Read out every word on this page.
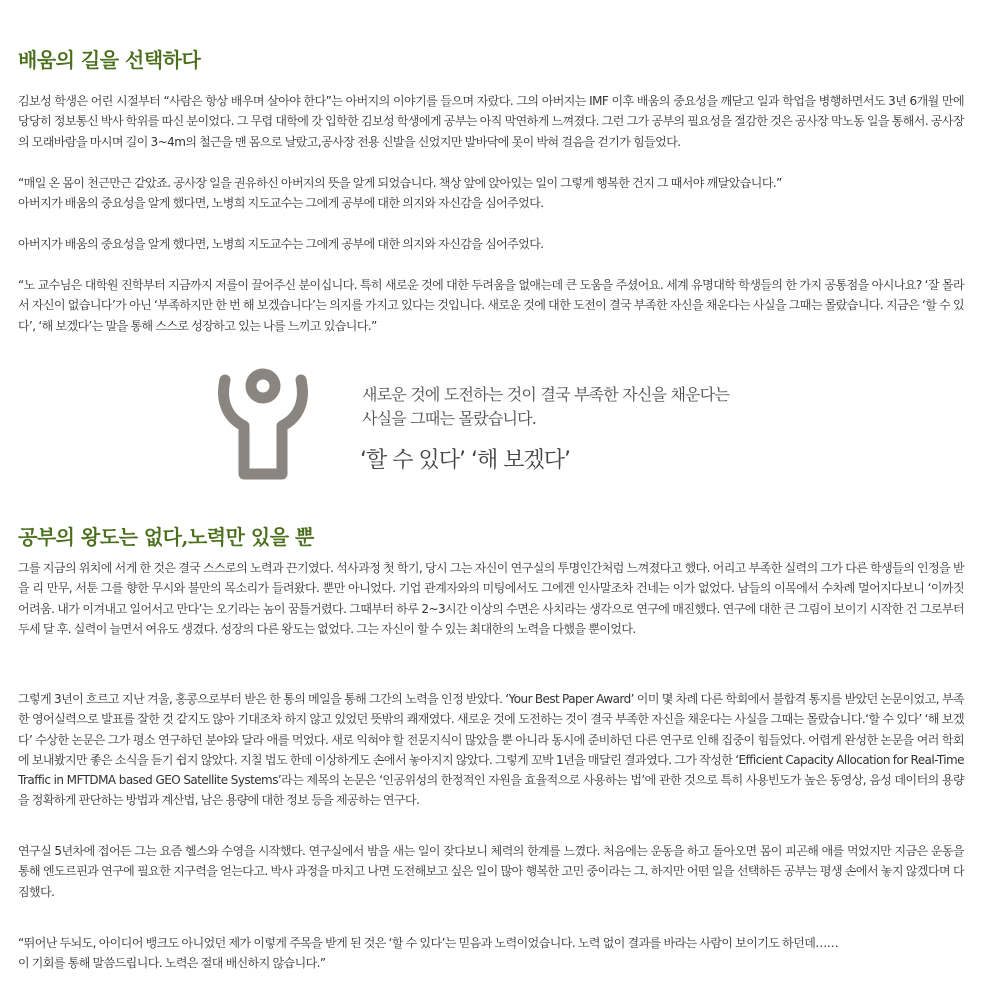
배움의 길을 선택하다

김보성 학생은 어린 시절부터 “사람은 항상 배우며 살아야 한다”는 아버지의 이야기를 들으며 자랐다. 그의 아버지는 IMF 이후 배움의 중요성을 깨닫고 일과 학업을 병행하면서도 3년 6개월 만에 당당히 정보통신 박사 학위를 따신 분이었다. 그 무렵 대학에 갓 입학한 김보성 학생에게 공부는 아직 막연하게 느껴졌다. 그런 그가 공부의 필요성을 절감한 것은 공사장 막노동 일을 통해서. 공사장의 모래바람을 마시며 길이 3~4m의 철근을 맨 몸으로 날랐고,공사장 전용 신발을 신었지만 발바닥에 못이 박혀 걸음을 걷기가 힘들었다.

“매일 온 몸이 천근만근 같았죠. 공사장 일을 권유하신 아버지의 뜻을 알게 되었습니다. 책상 앞에 앉아있는 일이 그렇게 행복한 건지 그 때서야 깨달았습니다.”

아버지가 배움의 중요성을 알게 했다면, 노병희 지도교수는 그에게 공부에 대한 의지와 자신감을 심어주었다.

아버지가 배움의 중요성을 알게 했다면, 노병희 지도교수는 그에게 공부에 대한 의지와 자신감을 심어주었다.

“노 교수님은 대학원 진학부터 지금까지 저를이 끌어주신 분이십니다. 특히 새로운 것에 대한 두려움을 없애는데 큰 도움을 주셨어요. 세계 유명대학 학생들의 한 가지 공통점을 아시나요? ‘잘 몰라서 자신이 없습니다’가 아닌 ‘부족하지만 한 번 해 보겠습니다’는 의지를 가지고 있다는 것입니다. 새로운 것에 대한 도전이 결국 부족한 자신을 채운다는 사실을 그때는 몰랐습니다. 지금은 ‘할 수 있다’, ‘해 보겠다’는 말을 통해 스스로 성장하고 있는 나를 느끼고 있습니다.”

새로운 것에 도전하는 것이 결국 부족한 자신을 채운다는
사실을 그때는 몰랐습니다.
‘할 수 있다’ ‘해 보겠다’
공부의 왕도는 없다,노력만 있을 뿐

그를 지금의 위치에 서게 한 것은 결국 스스로의 노력과 끈기였다. 석사과정 첫 학기, 당시 그는 자신이 연구실의 투명인간처럼 느껴졌다고 했다. 어리고 부족한 실력의 그가 다른 학생들의 인정을 받을 리 만무, 서툰 그를 향한 무시와 불만의 목소리가 들려왔다. 뿐만 아니었다. 기업 관계자와의 미팅에서도 그에겐 인사말조차 건네는 이가 없었다. 남들의 이목에서 수차례 멀어지다보니 ‘이까짓 어려움. 내가 이겨내고 일어서고 만다’는 오기라는 놈이 꿈틀거렸다. 그때부터 하루 2~3시간 이상의 수면은 사치라는 생각으로 연구에 매진했다. 연구에 대한 큰 그림이 보이기 시작한 건 그로부터 두세 달 후. 실력이 늘면서 여유도 생겼다. 성장의 다른 왕도는 없었다. 그는 자신이 할 수 있는 최대한의 노력을 다했을 뿐이었다.

그렇게 3년이 흐르고 지난 겨울, 홍콩으로부터 받은 한 통의 메일을 통해 그간의 노력을 인정 받았다. ‘Your Best Paper Award’ 이미 몇 차례 다른 학회에서 불합격 통지를 받았던 논문이었고, 부족한 영어실력으로 발표를 잘한 것 같지도 않아 기대조차 하지 않고 있었던 뜻밖의 쾌재였다. 새로운 것에 도전하는 것이 결국 부족한 자신을 채운다는 사실을 그때는 몰랐습니다.‘할 수 있다’ ‘해 보겠다’ 수상한 논문은 그가 평소 연구하던 분야와 달라 애를 먹었다. 새로 익혀야 할 전문지식이 많았을 뿐 아니라 동시에 준비하던 다른 연구로 인해 집중이 힘들었다. 어렵게 완성한 논문을 여러 학회에 보내봤지만 좋은 소식을 듣기 쉽지 않았다. 지칠 법도 한데 이상하게도 손에서 놓아지지 않았다. 그렇게 꼬박 1년을 매달린 결과였다. 그가 작성한 ‘Efficient Capacity Allocation for Real-Time Traffic in MFTDMA based GEO Satellite Systems’라는 제목의 논문은 ‘인공위성의 한정적인 자원을 효율적으로 사용하는 법’에 관한 것으로 특히 사용빈도가 높은 동영상, 음성 데이터의 용량을 정확하게 판단하는 방법과 계산법, 남은 용량에 대한 정보 등을 제공하는 연구다.

연구실 5년차에 접어든 그는 요즘 헬스와 수영을 시작했다. 연구실에서 밤을 새는 일이 잦다보니 체력의 한계를 느꼈다. 처음에는 운동을 하고 돌아오면 몸이 피곤해 애를 먹었지만 지금은 운동을 통해 엔도르핀과 연구에 필요한 지구력을 얻는다고. 박사 과정을 마치고 나면 도전해보고 싶은 일이 많아 행복한 고민 중이라는 그. 하지만 어떤 일을 선택하든 공부는 평생 손에서 놓지 않겠다며 다짐했다.

“뛰어난 두뇌도, 아이디어 뱅크도 아니었던 제가 이렇게 주목을 받게 된 것은 ‘할 수 있다’는 믿음과 노력이었습니다. 노력 없이 결과를 바라는 사람이 보이기도 하던데……

이 기회를 통해 말씀드립니다. 노력은 절대 배신하지 않습니다.”
